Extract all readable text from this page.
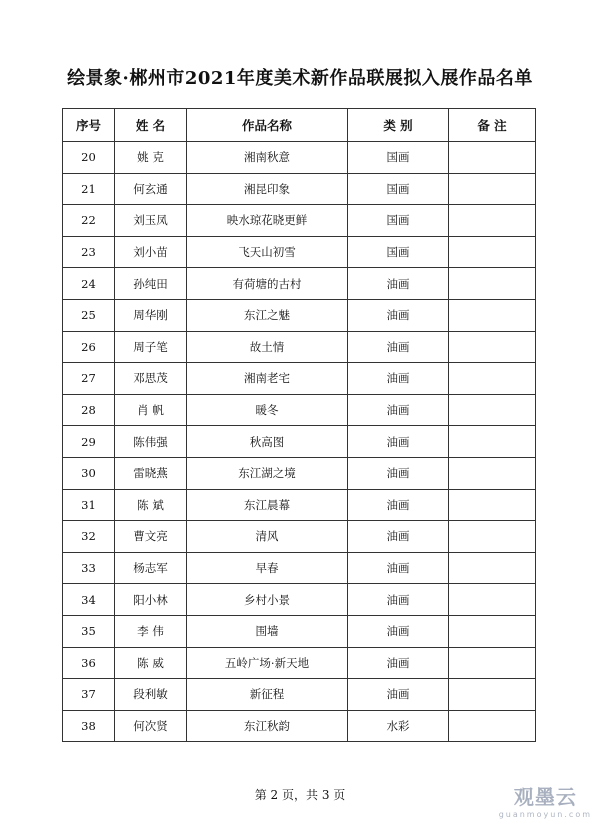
绘景象·郴州市2021年度美术新作品联展拟入展作品名单
序号	姓 名	作品名称	类 别	备 注
20	姚 克	湘南秋意	国画	
21	何玄通	湘昆印象	国画	
22	刘玉凤	映水琼花晓更鲜	国画	
23	刘小苗	飞天山初雪	国画	
24	孙纯田	有荷塘的古村	油画	
25	周华刚	东江之魅	油画	
26	周子笔	故土情	油画	
27	邓思茂	湘南老宅	油画	
28	肖 帆	暖冬	油画	
29	陈伟强	秋高图	油画	
30	雷晓燕	东江湖之境	油画	
31	陈 斌	东江晨幕	油画	
32	曹文亮	清风	油画	
33	杨志军	早春	油画	
34	阳小林	乡村小景	油画	
35	李 伟	围墙	油画	
36	陈 威	五岭广场·新天地	油画	
37	段利敏	新征程	油画	
38	何次贤	东江秋韵	水彩	
第 2 页，共 3 页	观墨云
guanmoyun.com
